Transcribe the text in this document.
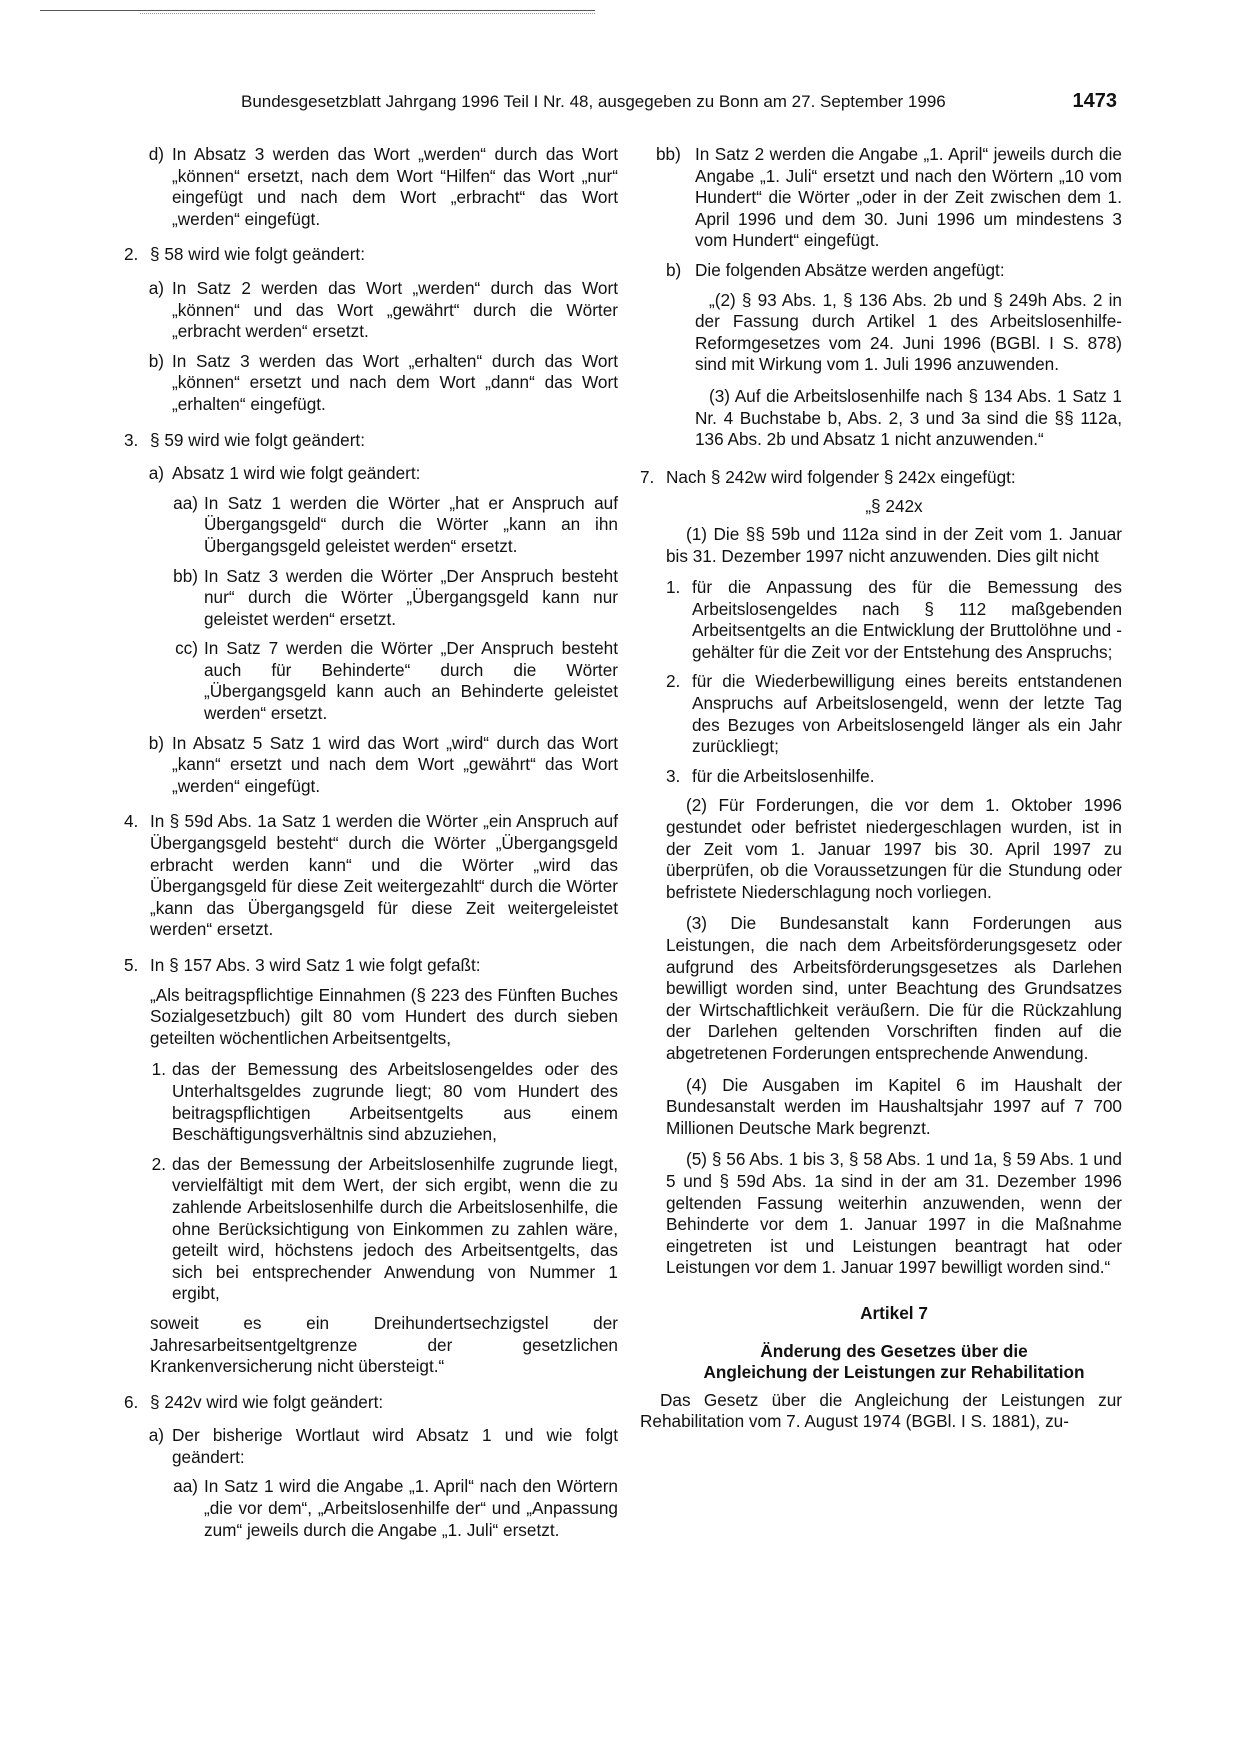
Bundesgesetzblatt Jahrgang 1996 Teil I Nr. 48, ausgegeben zu Bonn am 27. September 1996	1473
d) In Absatz 3 werden das Wort „werden“ durch das Wort „können“ ersetzt, nach dem Wort “Hilfen“ das Wort „nur“ eingefügt und nach dem Wort „erbracht“ das Wort „werden“ eingefügt.
2. § 58 wird wie folgt geändert:
a) In Satz 2 werden das Wort „werden“ durch das Wort „können“ und das Wort „gewährt“ durch die Wörter „erbracht werden“ ersetzt.
b) In Satz 3 werden das Wort „erhalten“ durch das Wort „können“ ersetzt und nach dem Wort „dann“ das Wort „erhalten“ eingefügt.
3. § 59 wird wie folgt geändert:
a) Absatz 1 wird wie folgt geändert:
aa) In Satz 1 werden die Wörter „hat er Anspruch auf Übergangsgeld“ durch die Wörter „kann an ihn Übergangsgeld geleistet werden“ ersetzt.
bb) In Satz 3 werden die Wörter „Der Anspruch besteht nur“ durch die Wörter „Übergangsgeld kann nur geleistet werden“ ersetzt.
cc) In Satz 7 werden die Wörter „Der Anspruch besteht auch für Behinderte“ durch die Wörter „Übergangsgeld kann auch an Behinderte geleistet werden“ ersetzt.
b) In Absatz 5 Satz 1 wird das Wort „wird“ durch das Wort „kann“ ersetzt und nach dem Wort „gewährt“ das Wort „werden“ eingefügt.
4. In § 59d Abs. 1a Satz 1 werden die Wörter „ein Anspruch auf Übergangsgeld besteht“ durch die Wörter „Übergangsgeld erbracht werden kann“ und die Wörter „wird das Übergangsgeld für diese Zeit weitergezahlt“ durch die Wörter „kann das Übergangsgeld für diese Zeit weitergeleistet werden“ ersetzt.
5. In § 157 Abs. 3 wird Satz 1 wie folgt gefaßt:
„Als beitragspflichtige Einnahmen (§ 223 des Fünften Buches Sozialgesetzbuch) gilt 80 vom Hundert des durch sieben geteilten wöchentlichen Arbeitsentgelts,
1. das der Bemessung des Arbeitslosengeldes oder des Unterhaltsgeldes zugrunde liegt; 80 vom Hundert des beitragspflichtigen Arbeitsentgelts aus einem Beschäftigungsverhältnis sind abzuziehen,
2. das der Bemessung der Arbeitslosenhilfe zugrunde liegt, vervielfältigt mit dem Wert, der sich ergibt, wenn die zu zahlende Arbeitslosenhilfe durch die Arbeitslosenhilfe, die ohne Berücksichtigung von Einkommen zu zahlen wäre, geteilt wird, höchstens jedoch des Arbeitsentgelts, das sich bei entsprechender Anwendung von Nummer 1 ergibt,
soweit es ein Dreihundertsechzigstel der Jahresarbeitsentgeltgrenze der gesetzlichen Krankenversicherung nicht übersteigt.“
6. § 242v wird wie folgt geändert:
a) Der bisherige Wortlaut wird Absatz 1 und wie folgt geändert:
aa) In Satz 1 wird die Angabe „1. April“ nach den Wörtern „die vor dem“, „Arbeitslosenhilfe der“ und „Anpassung zum“ jeweils durch die Angabe „1. Juli“ ersetzt.
bb) In Satz 2 werden die Angabe „1. April“ jeweils durch die Angabe „1. Juli“ ersetzt und nach den Wörtern „10 vom Hundert“ die Wörter „oder in der Zeit zwischen dem 1. April 1996 und dem 30. Juni 1996 um mindestens 3 vom Hundert“ eingefügt.
b) Die folgenden Absätze werden angefügt:
„(2) § 93 Abs. 1, § 136 Abs. 2b und § 249h Abs. 2 in der Fassung durch Artikel 1 des Arbeitslosenhilfe-Reformgesetzes vom 24. Juni 1996 (BGBl. I S. 878) sind mit Wirkung vom 1. Juli 1996 anzuwenden.
(3) Auf die Arbeitslosenhilfe nach § 134 Abs. 1 Satz 1 Nr. 4 Buchstabe b, Abs. 2, 3 und 3a sind die §§ 112a, 136 Abs. 2b und Absatz 1 nicht anzuwenden.“
7. Nach § 242w wird folgender § 242x eingefügt:
„§ 242x
(1) Die §§ 59b und 112a sind in der Zeit vom 1. Januar bis 31. Dezember 1997 nicht anzuwenden. Dies gilt nicht
1. für die Anpassung des für die Bemessung des Arbeitslosengeldes nach § 112 maßgebenden Arbeitsentgelts an die Entwicklung der Bruttolöhne und -gehälter für die Zeit vor der Entstehung des Anspruchs;
2. für die Wiederbewilligung eines bereits entstandenen Anspruchs auf Arbeitslosengeld, wenn der letzte Tag des Bezuges von Arbeitslosengeld länger als ein Jahr zurückliegt;
3. für die Arbeitslosenhilfe.
(2) Für Forderungen, die vor dem 1. Oktober 1996 gestundet oder befristet niedergeschlagen wurden, ist in der Zeit vom 1. Januar 1997 bis 30. April 1997 zu überprüfen, ob die Voraussetzungen für die Stundung oder befristete Niederschlagung noch vorliegen.
(3) Die Bundesanstalt kann Forderungen aus Leistungen, die nach dem Arbeitsförderungsgesetz oder aufgrund des Arbeitsförderungsgesetzes als Darlehen bewilligt worden sind, unter Beachtung des Grundsatzes der Wirtschaftlichkeit veräußern. Die für die Rückzahlung der Darlehen geltenden Vorschriften finden auf die abgetretenen Forderungen entsprechende Anwendung.
(4) Die Ausgaben im Kapitel 6 im Haushalt der Bundesanstalt werden im Haushaltsjahr 1997 auf 7 700 Millionen Deutsche Mark begrenzt.
(5) § 56 Abs. 1 bis 3, § 58 Abs. 1 und 1a, § 59 Abs. 1 und 5 und § 59d Abs. 1a sind in der am 31. Dezember 1996 geltenden Fassung weiterhin anzuwenden, wenn der Behinderte vor dem 1. Januar 1997 in die Maßnahme eingetreten ist und Leistungen beantragt hat oder Leistungen vor dem 1. Januar 1997 bewilligt worden sind.“
Artikel 7
Änderung des Gesetzes über die
Angleichung der Leistungen zur Rehabilitation
Das Gesetz über die Angleichung der Leistungen zur Rehabilitation vom 7. August 1974 (BGBl. I S. 1881), zu-
